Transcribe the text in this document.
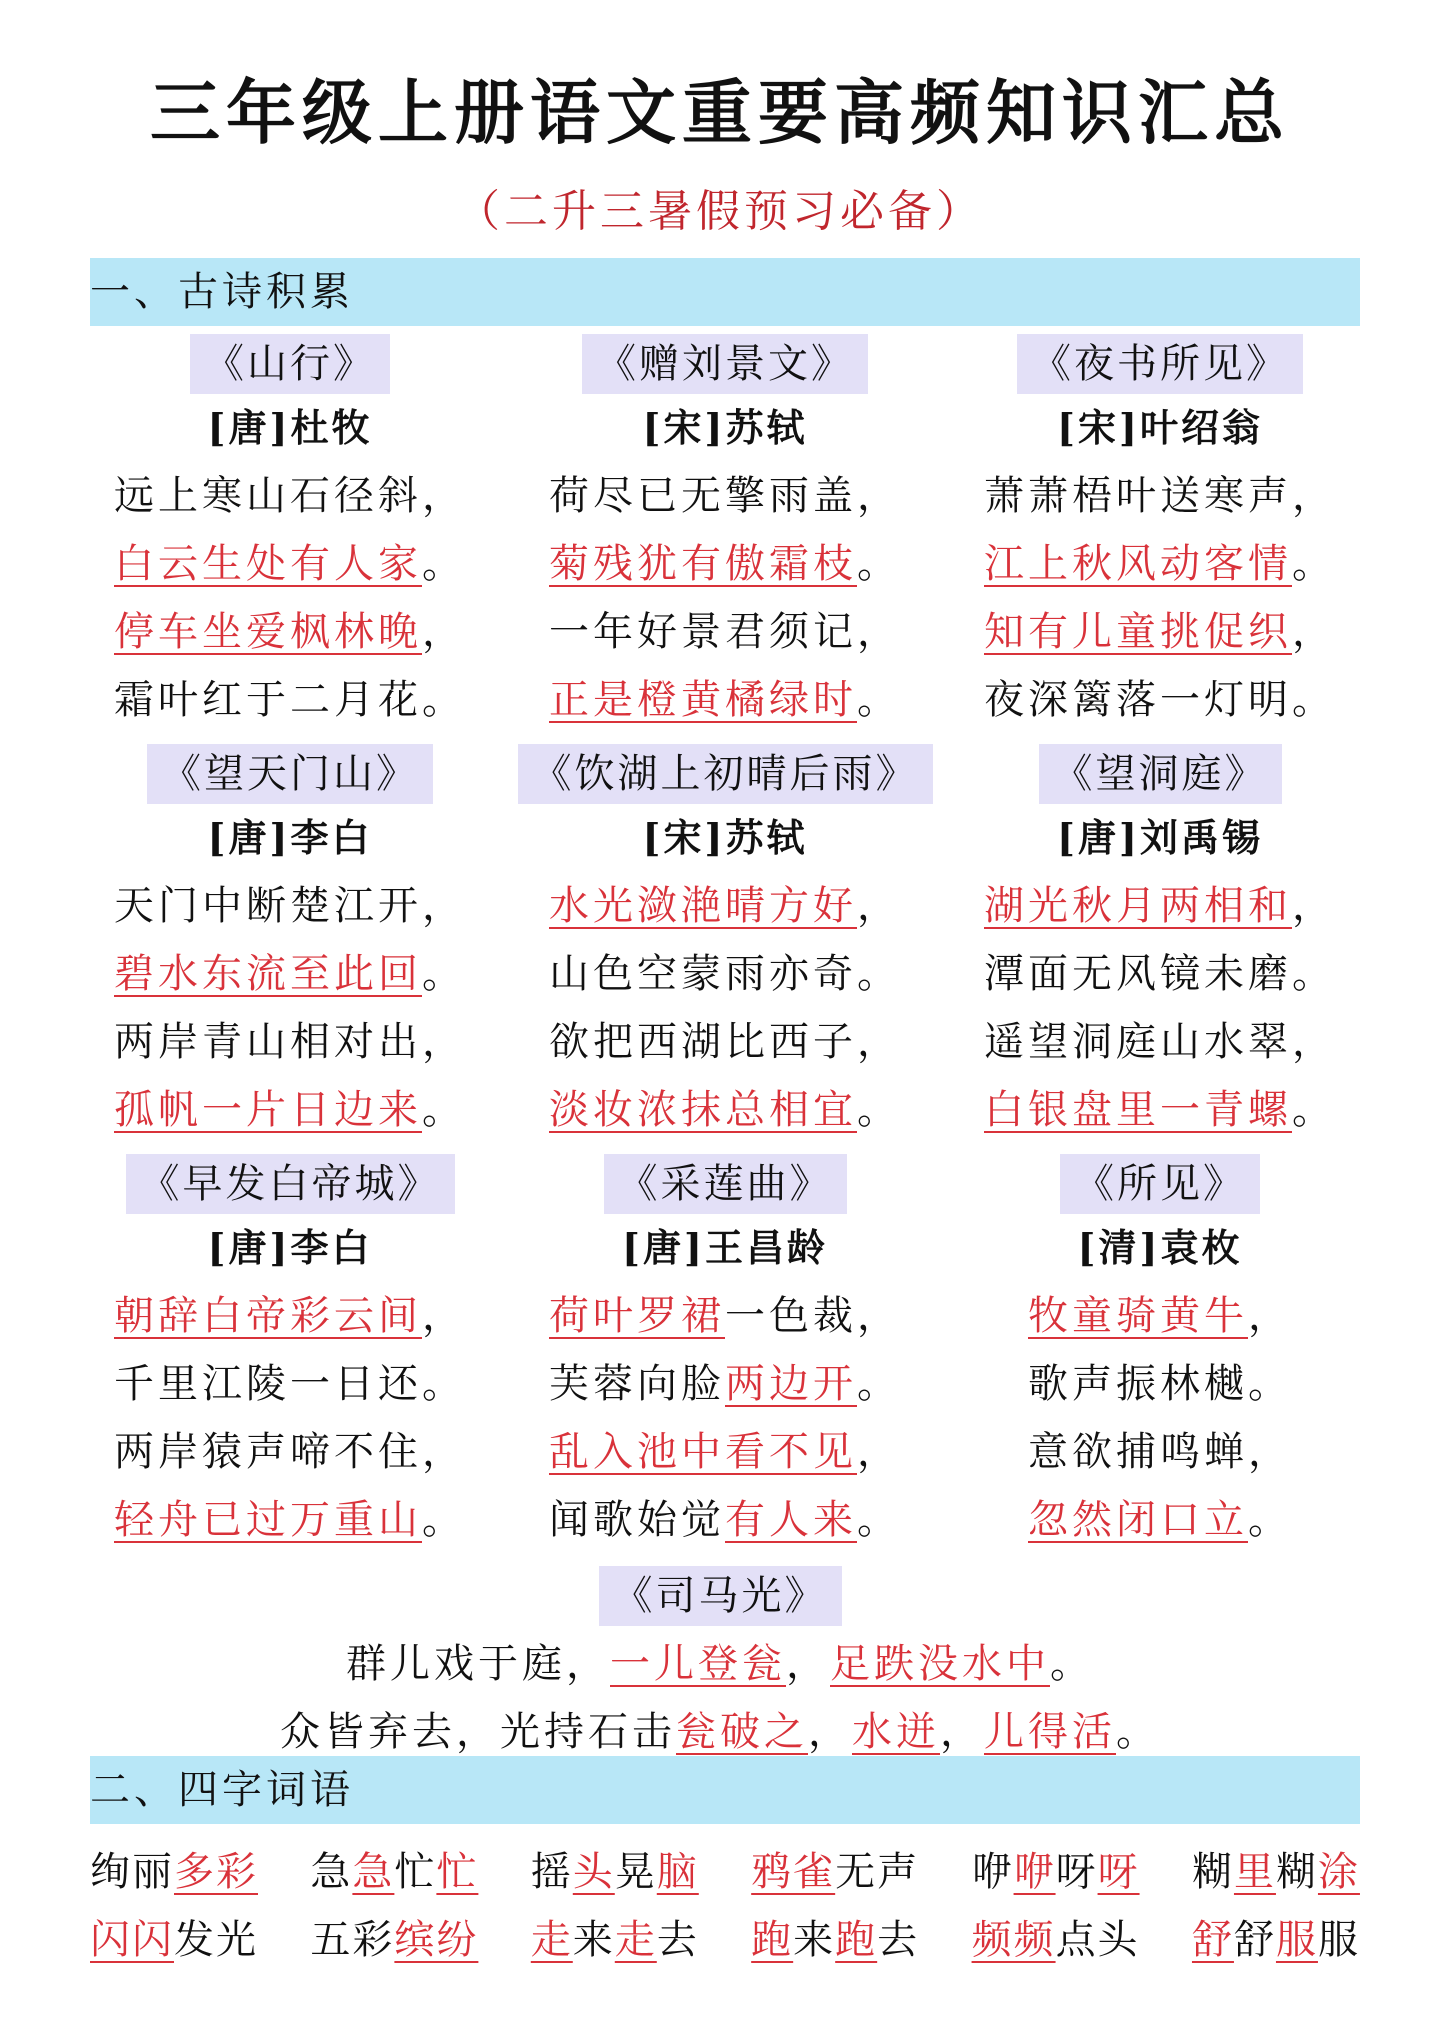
三年级上册语文重要高频知识汇总
（二升三暑假预习必备）
一、古诗积累
《山行》
[唐]杜牧
远上寒山石径斜，
白云生处有人家。
停车坐爱枫林晚，
霜叶红于二月花。
《赠刘景文》
[宋]苏轼
荷尽已无擎雨盖，
菊残犹有傲霜枝。
一年好景君须记，
正是橙黄橘绿时。
《夜书所见》
[宋]叶绍翁
萧萧梧叶送寒声，
江上秋风动客情。
知有儿童挑促织，
夜深篱落一灯明。
《望天门山》
[唐]李白
天门中断楚江开，
碧水东流至此回。
两岸青山相对出，
孤帆一片日边来。
《饮湖上初晴后雨》
[宋]苏轼
水光潋滟晴方好，
山色空蒙雨亦奇。
欲把西湖比西子，
淡妆浓抹总相宜。
《望洞庭》
[唐]刘禹锡
湖光秋月两相和，
潭面无风镜未磨。
遥望洞庭山水翠，
白银盘里一青螺。
《早发白帝城》
[唐]李白
朝辞白帝彩云间，
千里江陵一日还。
两岸猿声啼不住，
轻舟已过万重山。
《采莲曲》
[唐]王昌龄
荷叶罗裙一色裁，
芙蓉向脸两边开。
乱入池中看不见，
闻歌始觉有人来。
《所见》
[清]袁枚
牧童骑黄牛，
歌声振林樾。
意欲捕鸣蝉，
忽然闭口立。
《司马光》
群儿戏于庭，一儿登瓮，足跌没水中。
众皆弃去，光持石击瓮破之，水迸，儿得活。
二、四字词语
绚丽多彩 急急忙忙 摇头晃脑 鸦雀无声 咿咿呀呀 糊里糊涂
闪闪发光 五彩缤纷 走来走去 跑来跑去 频频点头 舒舒服服
